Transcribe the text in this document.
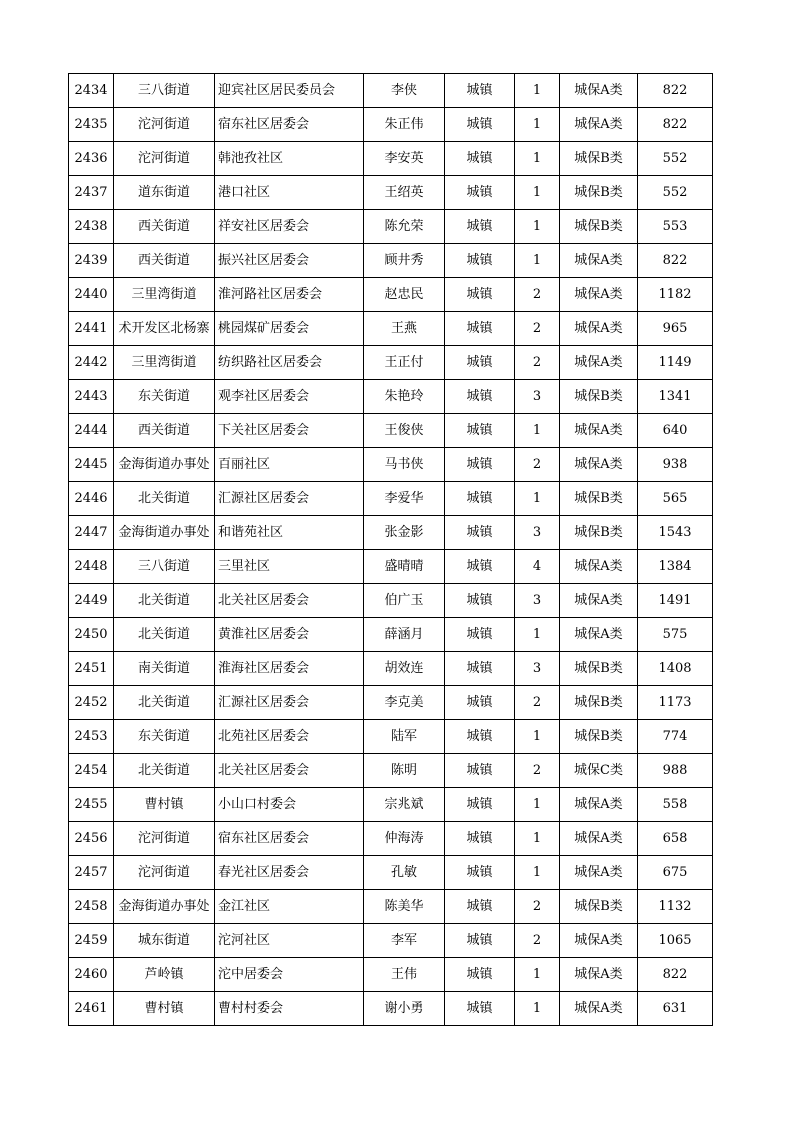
2434	三八街道	迎宾社区居民委员会	李侠	城镇	1	城保A类	822
2435	沱河街道	宿东社区居委会	朱正伟	城镇	1	城保A类	822
2436	沱河街道	韩池孜社区	李安英	城镇	1	城保B类	552
2437	道东街道	港口社区	王绍英	城镇	1	城保B类	552
2438	西关街道	祥安社区居委会	陈允荣	城镇	1	城保B类	553
2439	西关街道	振兴社区居委会	顾井秀	城镇	1	城保A类	822
2440	三里湾街道	淮河路社区居委会	赵忠民	城镇	2	城保A类	1182
2441	术开发区北杨寨	桃园煤矿居委会	王燕	城镇	2	城保A类	965
2442	三里湾街道	纺织路社区居委会	王正付	城镇	2	城保A类	1149
2443	东关街道	观李社区居委会	朱艳玲	城镇	3	城保B类	1341
2444	西关街道	下关社区居委会	王俊侠	城镇	1	城保A类	640
2445	金海街道办事处	百丽社区	马书侠	城镇	2	城保A类	938
2446	北关街道	汇源社区居委会	李爱华	城镇	1	城保B类	565
2447	金海街道办事处	和谐苑社区	张金影	城镇	3	城保B类	1543
2448	三八街道	三里社区	盛晴晴	城镇	4	城保A类	1384
2449	北关街道	北关社区居委会	伯广玉	城镇	3	城保A类	1491
2450	北关街道	黄淮社区居委会	薛涵月	城镇	1	城保A类	575
2451	南关街道	淮海社区居委会	胡效连	城镇	3	城保B类	1408
2452	北关街道	汇源社区居委会	李克美	城镇	2	城保B类	1173
2453	东关街道	北苑社区居委会	陆军	城镇	1	城保B类	774
2454	北关街道	北关社区居委会	陈明	城镇	2	城保C类	988
2455	曹村镇	小山口村委会	宗兆斌	城镇	1	城保A类	558
2456	沱河街道	宿东社区居委会	仲海涛	城镇	1	城保A类	658
2457	沱河街道	春光社区居委会	孔敏	城镇	1	城保A类	675
2458	金海街道办事处	金江社区	陈美华	城镇	2	城保B类	1132
2459	城东街道	沱河社区	李军	城镇	2	城保A类	1065
2460	芦岭镇	沱中居委会	王伟	城镇	1	城保A类	822
2461	曹村镇	曹村村委会	谢小勇	城镇	1	城保A类	631
